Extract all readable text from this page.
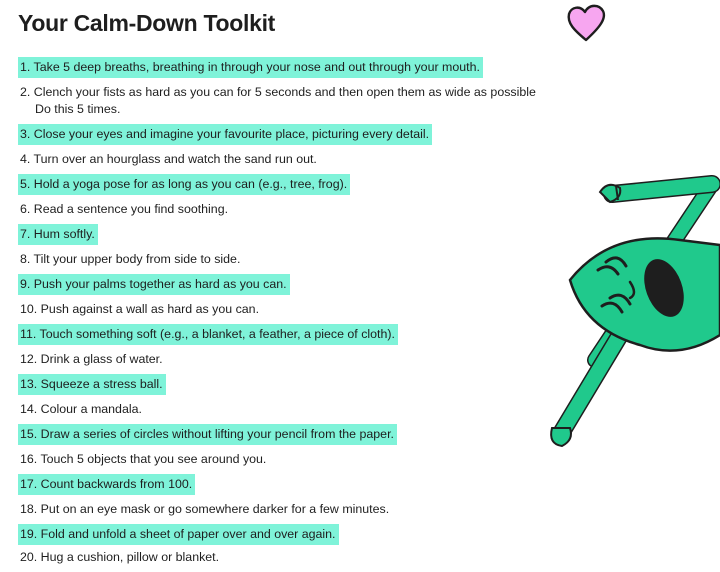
Your Calm-Down Toolkit
1. Take 5 deep breaths, breathing in through your nose and out through your mouth.
2. Clench your fists as hard as you can for 5 seconds and then open them as wide as possible
Do this 5 times.
3. Close your eyes and imagine your favourite place, picturing every detail.
4. Turn over an hourglass and watch the sand run out.
5. Hold a yoga pose for as long as you can (e.g., tree, frog).
6. Read a sentence you find soothing.
7. Hum softly.
8. Tilt your upper body from side to side.
9. Push your palms together as hard as you can.
10. Push against a wall as hard as you can.
11. Touch something soft (e.g., a blanket, a feather, a piece of cloth).
12. Drink a glass of water.
13. Squeeze a stress ball.
14. Colour a mandala.
15. Draw a series of circles without lifting your pencil from the paper.
16. Touch 5 objects that you see around you.
17. Count backwards from 100.
18. Put on an eye mask or go somewhere darker for a few minutes.
19. Fold and unfold a sheet of paper over and over again.
20. Hug a cushion, pillow or blanket.
